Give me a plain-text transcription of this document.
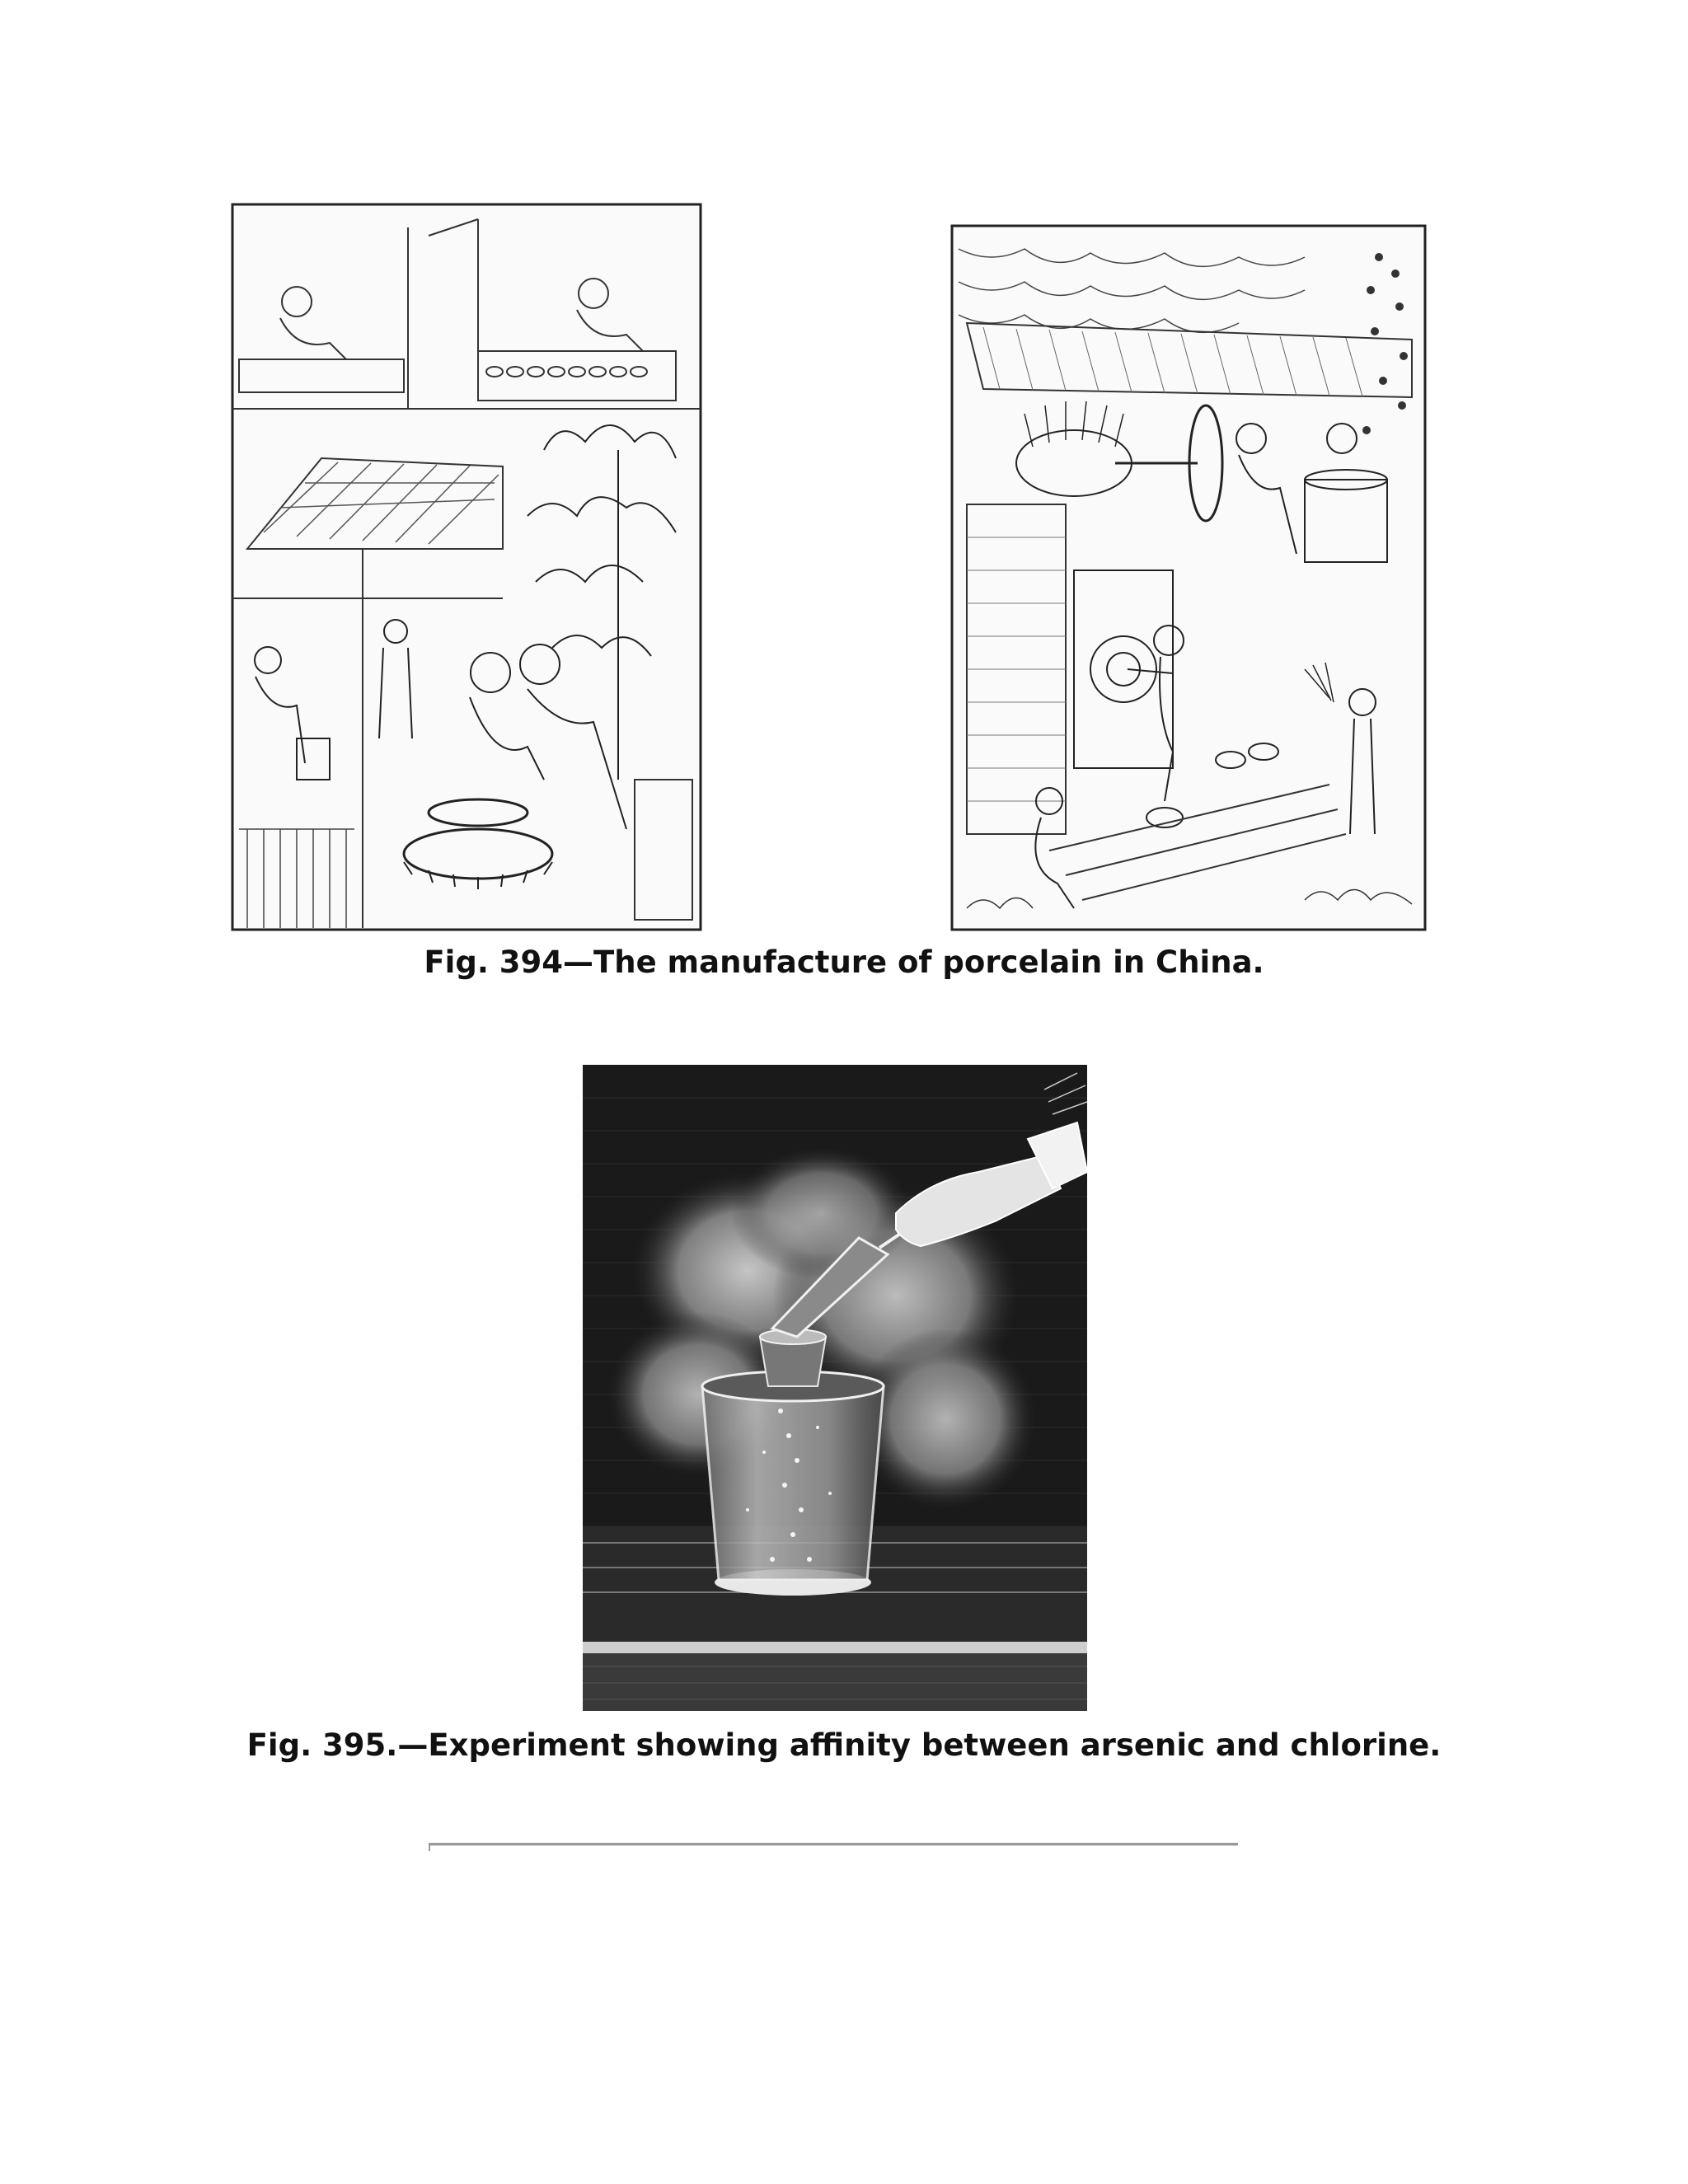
Fig. 394—The manufacture of porcelain in China.
Fig. 395.—Experiment showing affinity between arsenic and chlorine.
